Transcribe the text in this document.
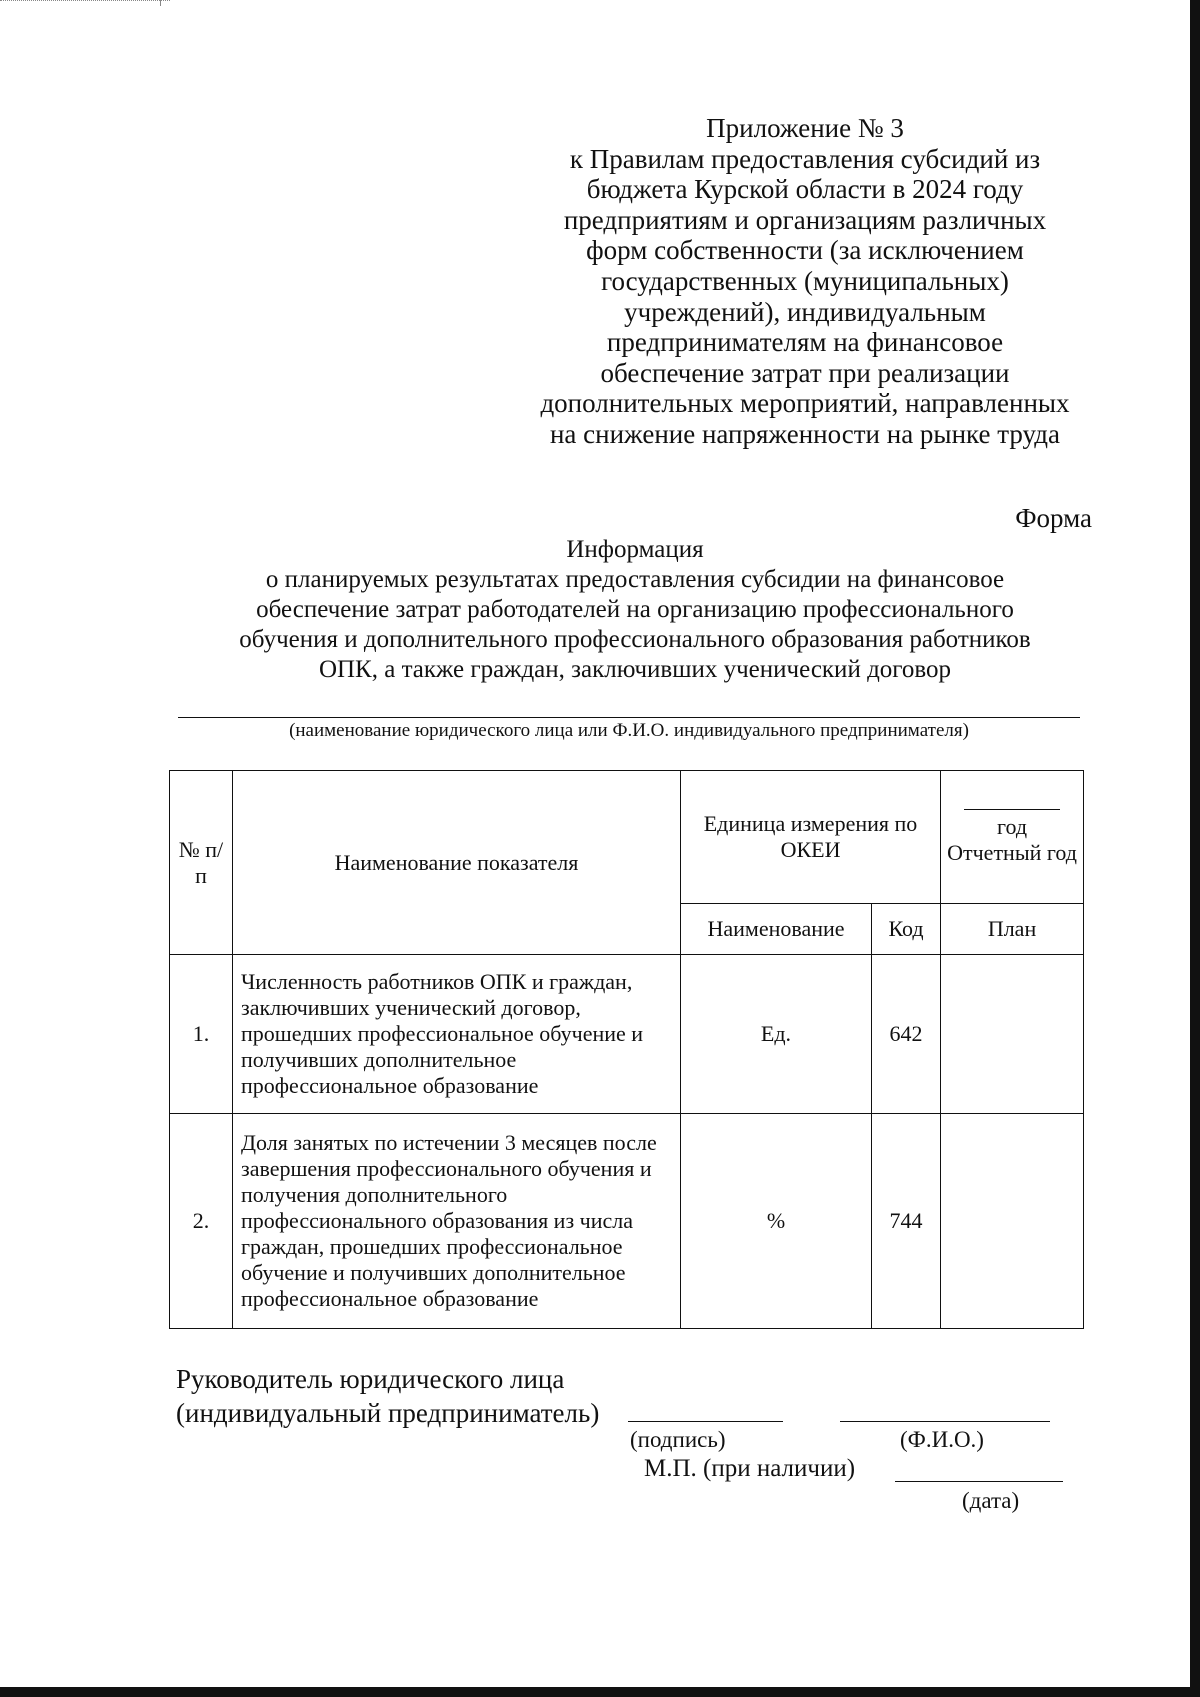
Приложение № 3
к Правилам предоставления субсидий из
бюджета Курской области в 2024 году
предприятиям и организациям различных
форм собственности (за исключением
государственных (муниципальных)
учреждений), индивидуальным
предпринимателям на финансовое
обеспечение затрат при реализации
дополнительных мероприятий, направленных
на снижение напряженности на рынке труда
Форма
Информация
о планируемых результатах предоставления субсидии на финансовое
обеспечение затрат работодателей на организацию профессионального
обучения и дополнительного профессионального образования работников
ОПК, а также граждан, заключивших ученический договор
(наименование юридического лица или Ф.И.О. индивидуального предпринимателя)
№ п/п	Наименование показателя	Единица измерения по ОКЕИ		год
Отчетный год

		Наименование	Код	План
1.	Численность работников ОПК и граждан, заключивших ученический договор, прошедших профессиональное обучение и получивших дополнительное профессиональное образование	Ед.	642	
2.	Доля занятых по истечении 3 месяцев после завершения профессионального обучения и получения дополнительного профессионального образования из числа граждан, прошедших профессиональное обучение и получивших дополнительное профессиональное образование	%	744	
Руководитель юридического лица
(индивидуальный предприниматель)
(подпись)	(Ф.И.О.)
М.П. (при наличии)
(дата)
